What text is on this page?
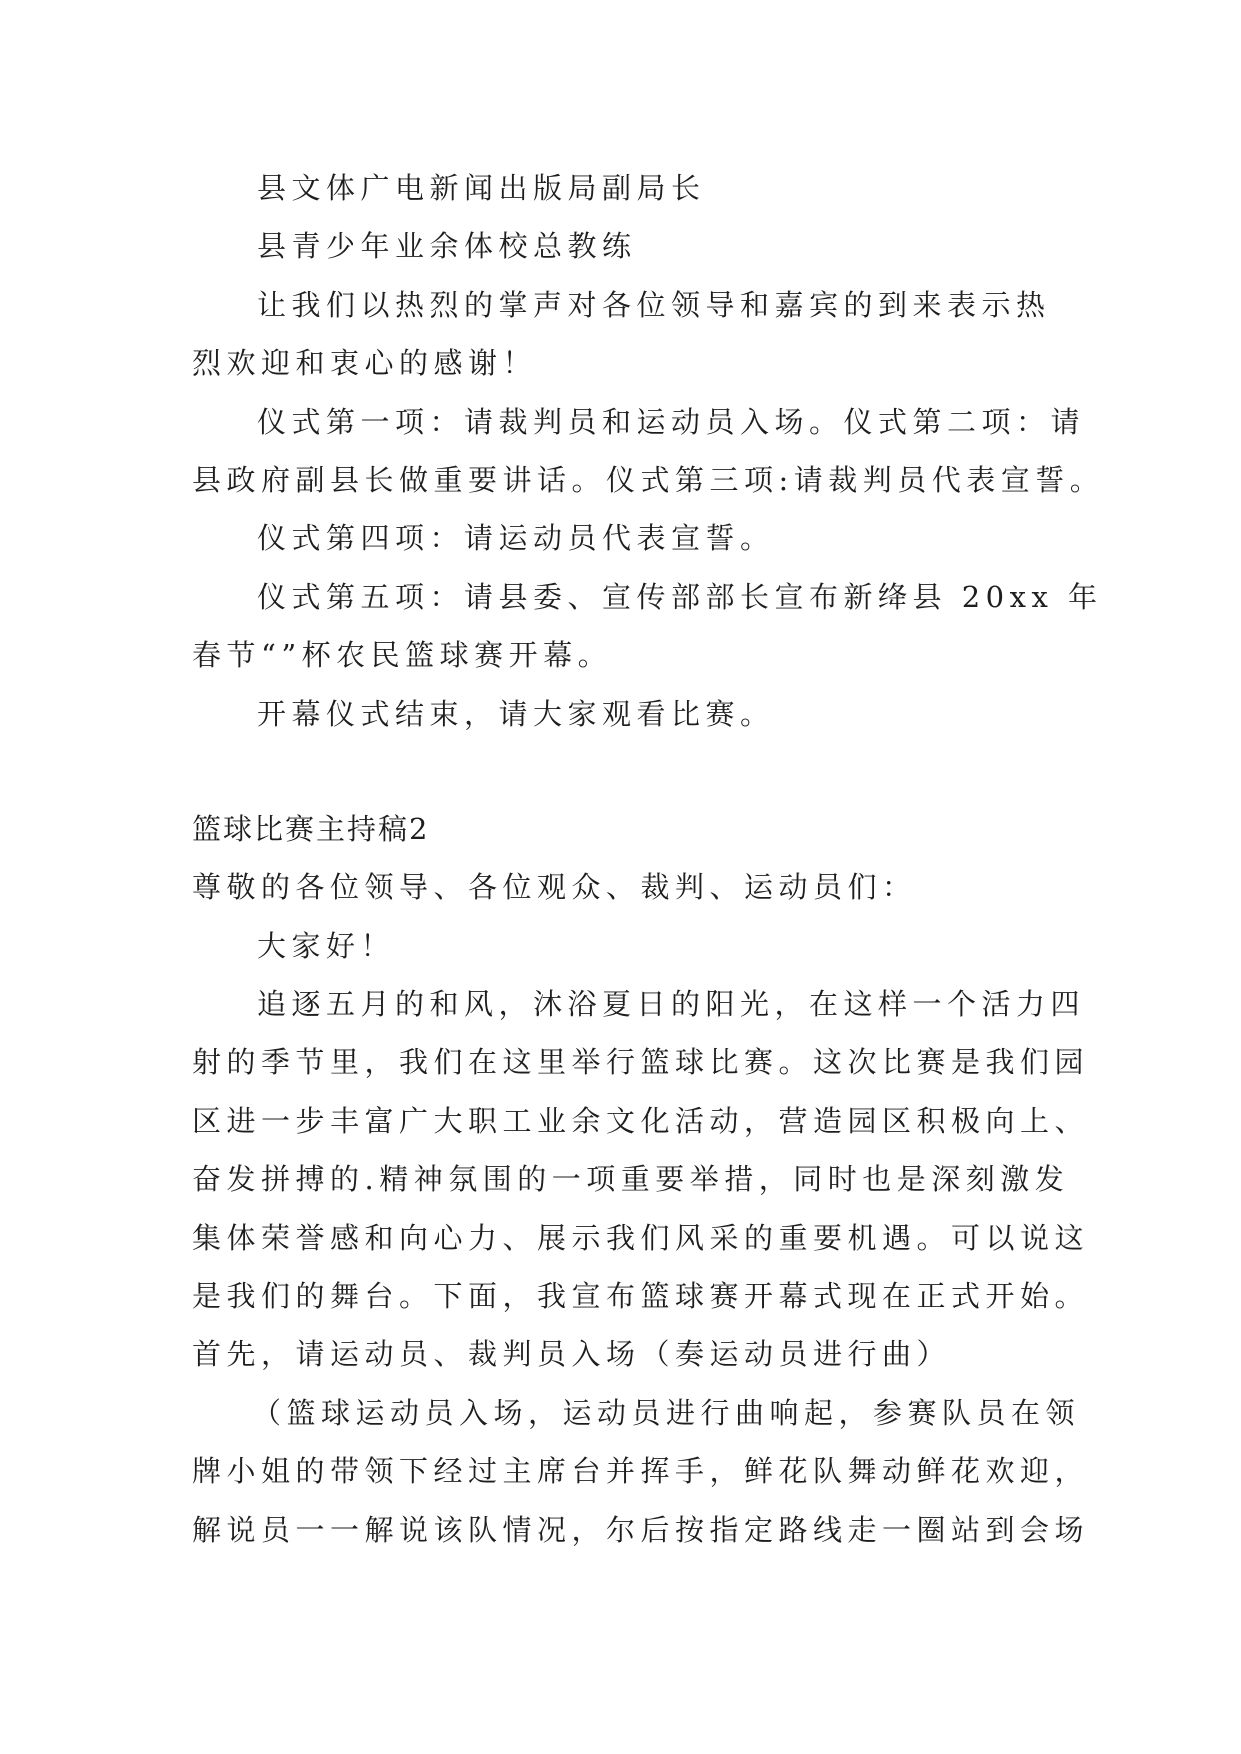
县文体广电新闻出版局副局长
县青少年业余体校总教练
让我们以热烈的掌声对各位领导和嘉宾的到来表示热
烈欢迎和衷心的感谢！
仪式第一项：请裁判员和运动员入场。仪式第二项：请
县政府副县长做重要讲话。仪式第三项:请裁判员代表宣誓。
仪式第四项：请运动员代表宣誓。
仪式第五项：请县委、宣传部部长宣布新绛县 20xx 年
春节“”杯农民篮球赛开幕。
开幕仪式结束，请大家观看比赛。
篮球比赛主持稿2
尊敬的各位领导、各位观众、裁判、运动员们：
大家好！
追逐五月的和风，沐浴夏日的阳光，在这样一个活力四
射的季节里，我们在这里举行篮球比赛。这次比赛是我们园
区进一步丰富广大职工业余文化活动，营造园区积极向上、
奋发拼搏的.精神氛围的一项重要举措，同时也是深刻激发
集体荣誉感和向心力、展示我们风采的重要机遇。可以说这
是我们的舞台。下面，我宣布篮球赛开幕式现在正式开始。
首先，请运动员、裁判员入场（奏运动员进行曲）
（篮球运动员入场，运动员进行曲响起，参赛队员在领
牌小姐的带领下经过主席台并挥手，鲜花队舞动鲜花欢迎，
解说员一一解说该队情况，尔后按指定路线走一圈站到会场
